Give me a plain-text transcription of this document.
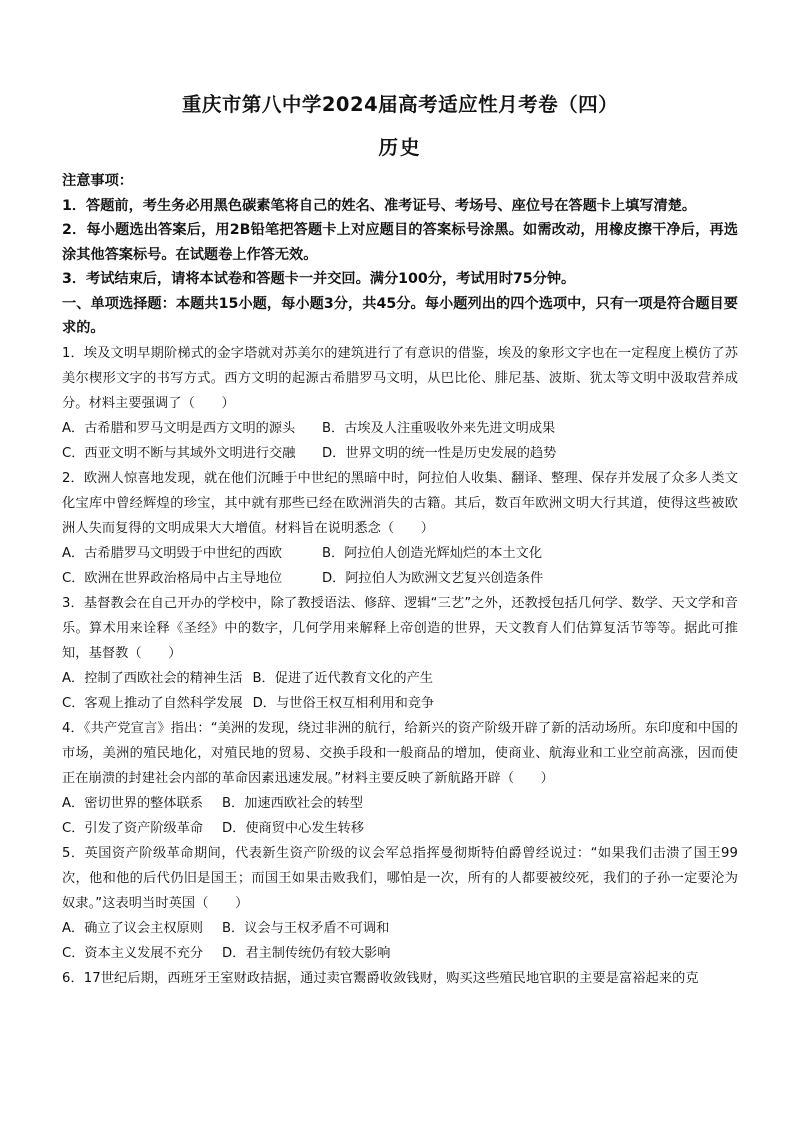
重庆市第八中学2024届高考适应性月考卷（四）
历史

注意事项：

1．答题前，考生务必用黑色碳素笔将自己的姓名、准考证号、考场号、座位号在答题卡上填写清楚。

2．每小题选出答案后，用2B铅笔把答题卡上对应题目的答案标号涂黑。如需改动，用橡皮擦干净后，再选涂其他答案标号。在试题卷上作答无效。

3．考试结束后，请将本试卷和答题卡一并交回。满分100分，考试用时75分钟。

一、单项选择题：本题共15小题，每小题3分，共45分。每小题列出的四个选项中，只有一项是符合题目要求的。

1．埃及文明早期阶梯式的金字塔就对苏美尔的建筑进行了有意识的借鉴，埃及的象形文字也在一定程度上模仿了苏美尔楔形文字的书写方式。西方文明的起源古希腊罗马文明，从巴比伦、腓尼基、波斯、犹太等文明中汲取营养成分。材料主要强调了（　　）

A．古希腊和罗马文明是西方文明的源头 B．古埃及人注重吸收外来先进文明成果
C．西亚文明不断与其域外文明进行交融 D．世界文明的统一性是历史发展的趋势

2．欧洲人惊喜地发现，就在他们沉睡于中世纪的黑暗中时，阿拉伯人收集、翻译、整理、保存并发展了众多人类文化宝库中曾经辉煌的珍宝，其中就有那些已经在欧洲消失的古籍。其后，数百年欧洲文明大行其道，使得这些被欧洲人失而复得的文明成果大大增值。材料旨在说明悉念（　　）

A．古希腊罗马文明毁于中世纪的西欧	B．阿拉伯人创造光辉灿烂的本土文化
C．欧洲在世界政治格局中占主导地位	D．阿拉伯人为欧洲文艺复兴创造条件

3．基督教会在自己开办的学校中，除了教授语法、修辞、逻辑“三艺”之外，还教授包括几何学、数学、天文学和音乐。算术用来诠释《圣经》中的数字，几何学用来解释上帝创造的世界，天文教育人们估算复活节等等。据此可推知，基督教（　　）

A．控制了西欧社会的精神生活 B．促进了近代教育文化的产生
C．客观上推动了自然科学发展 D．与世俗王权互相利用和竞争

4．《共产党宣言》指出：“美洲的发现，绕过非洲的航行，给新兴的资产阶级开辟了新的活动场所。东印度和中国的市场，美洲的殖民地化，对殖民地的贸易、交换手段和一般商品的增加，使商业、航海业和工业空前高涨，因而使正在崩溃的封建社会内部的革命因素迅速发展。”材料主要反映了新航路开辟（　　）

A．密切世界的整体联系 B．加速西欧社会的转型
C．引发了资产阶级革命 D．使商贸中心发生转移

5．英国资产阶级革命期间，代表新生资产阶级的议会军总指挥曼彻斯特伯爵曾经说过：“如果我们击溃了国王99次，他和他的后代仍旧是国王；而国王如果击败我们，哪怕是一次，所有的人都要被绞死，我们的子孙一定要沦为奴隶。”这表明当时英国（　　）

A．确立了议会主权原则 B．议会与王权矛盾不可调和
C．资本主义发展不充分 D．君主制传统仍有较大影响

6．17世纪后期，西班牙王室财政拮据，通过卖官鬻爵收敛钱财，购买这些殖民地官职的主要是富裕起来的克
